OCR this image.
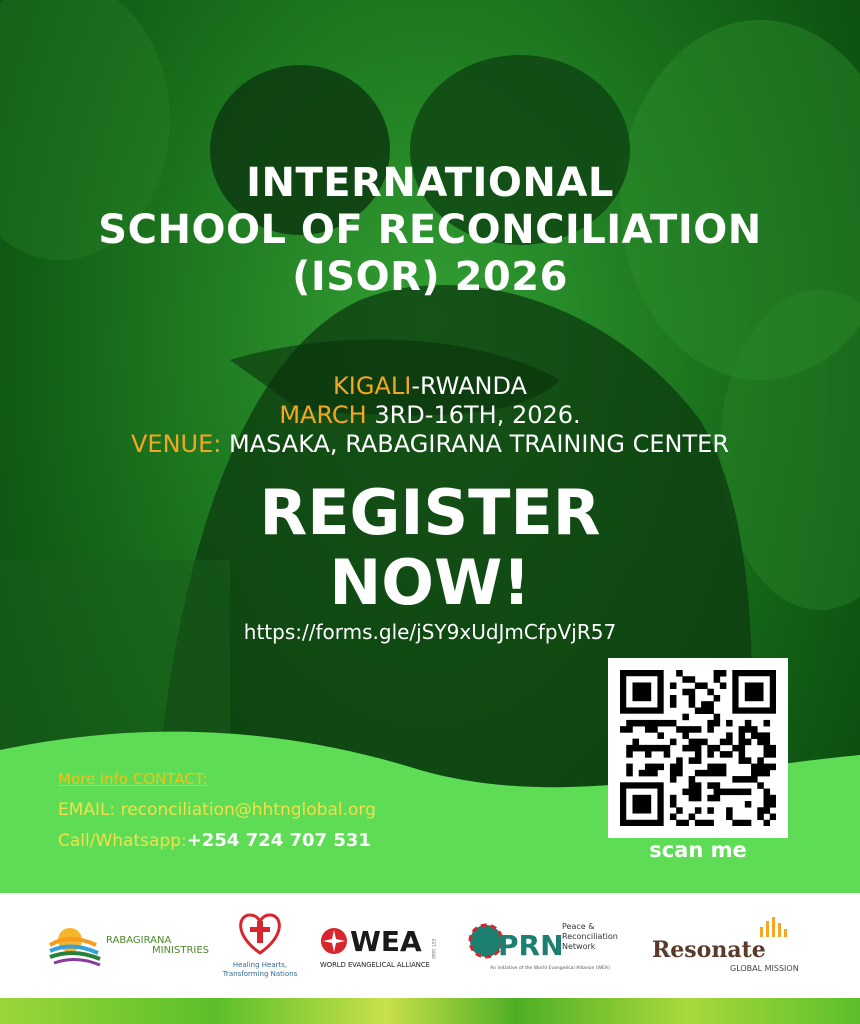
INTERNATIONAL
SCHOOL OF RECONCILIATION
(ISOR) 2026
KIGALI-RWANDA
MARCH 3RD-16TH, 2026.
VENUE: MASAKA, RABAGIRANA TRAINING CENTER
REGISTER
NOW!
https://forms.gle/jSY9xUdJmCfpVjR57
More info CONTACT:
EMAIL: reconciliation@hhtnglobal.org
Call/Whatsapp:+254 724 707 531	scan me
RABAGIRANA
MINISTRIES
Healing Hearts,
Transforming Nations
WEA
WORLD EVANGELICAL ALLIANCE
EST. 1846 PRN
Peace &
Reconciliation
Network
An initiative of the World Evangelical Alliance (WEA)
Resonate
GLOBAL MISSION
